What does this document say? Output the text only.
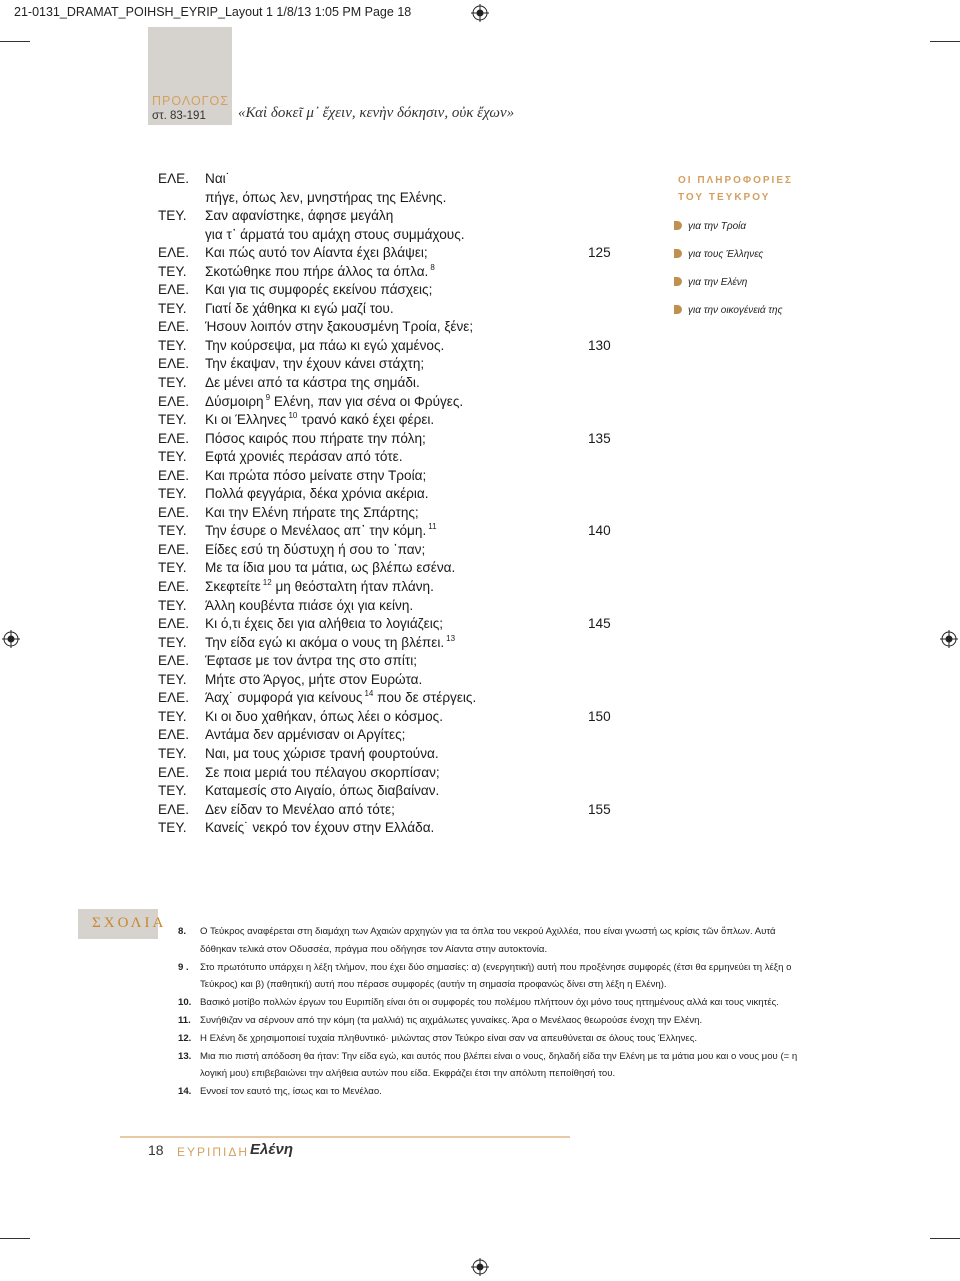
21-0131_DRAMAT_POIHSH_EYRIP_Layout 1 1/8/13 1:05 PM Page 18
ΠΡΟΛΟΓΟΣ
στ. 83-191 «Καὶ δοκεῖ μ᾽ ἔχειν, κενὴν δόκησιν, οὐκ ἔχων»
ΕΛΕ. Ναι˙
πήγε, όπως λεν, μνηστήρας της Ελένης.
ΤΕΥ. Σαν αφανίστηκε, άφησε μεγάλη
για τ᾽ άρματά του αμάχη στους συμμάχους.
ΕΛΕ. Και πώς αυτό τον Αίαντα έχει βλάψει;	125
ΤΕΥ. Σκοτώθηκε που πήρε άλλος τα όπλα. $^8$
ΕΛΕ. Και για τις συμφορές εκείνου πάσχεις;
ΤΕΥ. Γιατί δε χάθηκα κι εγώ μαζί του.
ΕΛΕ. Ήσουν λοιπόν στην ξακουσμένη Τροία, ξένε;
ΤΕΥ. Την κούρσεψα, μα πάω κι εγώ χαμένος.	130
ΕΛΕ. Την έκαψαν, την έχουν κάνει στάχτη;
ΤΕΥ. Δε μένει από τα κάστρα της σημάδι.
ΕΛΕ. Δύσμοιρη $^9$ Ελένη, παν για σένα οι Φρύγες.
ΤΕΥ. Κι οι Έλληνες $^{10}$ τρανό κακό έχει φέρει.
ΕΛΕ. Πόσος καιρός που πήρατε την πόλη;	135
ΤΕΥ. Εφτά χρονιές περάσαν από τότε.
ΕΛΕ. Και πρώτα πόσο μείνατε στην Τροία;
ΤΕΥ. Πολλά φεγγάρια, δέκα χρόνια ακέρια.
ΕΛΕ. Και την Ελένη πήρατε της Σπάρτης;
ΤΕΥ. Την έσυρε ο Μενέλαος απ᾽ την κόμη. $^{11}$	140
ΕΛΕ. Είδες εσύ τη δύστυχη ή σου το ᾽παν;
ΤΕΥ. Με τα ίδια μου τα μάτια, ως βλέπω εσένα.
ΕΛΕ. Σκεφτείτε $^{12}$ μη θεόσταλτη ήταν πλάνη.
ΤΕΥ. Άλλη κουβέντα πιάσε όχι για κείνη.
ΕΛΕ. Κι ό,τι έχεις δει για αλήθεια το λογιάζεις;	145
ΤΕΥ. Την είδα εγώ κι ακόμα ο νους τη βλέπει. $^{13}$
ΕΛΕ. Έφτασε με τον άντρα της στο σπίτι;
ΤΕΥ. Μήτε στο Άργος, μήτε στον Ευρώτα.
ΕΛΕ. Άαχ˙ συμφορά για κείνους $^{14}$ που δε στέργεις.
ΤΕΥ. Κι οι δυο χαθήκαν, όπως λέει ο κόσμος.	150
ΕΛΕ. Αντάμα δεν αρμένισαν οι Αργίτες;
ΤΕΥ. Ναι, μα τους χώρισε τρανή φουρτούνα.
ΕΛΕ. Σε ποια μεριά του πέλαγου σκορπίσαν;
ΤΕΥ. Καταμεσίς στο Αιγαίο, όπως διαβαίναν.
ΕΛΕ. Δεν είδαν το Μενέλαο από τότε;	155
ΤΕΥ. Κανείς˙ νεκρό τον έχουν στην Ελλάδα.
ΟΙ ΠΛΗΡΟΦΟΡΙΕΣ
ΤΟΥ ΤΕΥΚΡΟΥ
για την Τροία
για τους Έλληνες
για την Ελένη
για την οικογένειά της
ΣΧΟΛΙΑ
8. Ο Τεύκρος αναφέρεται στη διαμάχη των Αχαιών αρχηγών για τα όπλα του νεκρού Αχιλλέα, που είναι γνωστή ως κρίσις τῶν ὅπλων. Αυτά δόθηκαν τελικά στον Οδυσσέα, πράγμα που οδήγησε τον Αίαντα στην αυτοκτονία.
9 . Στο πρωτότυπο υπάρχει η λέξη τλήμον, που έχει δύο σημασίες: α) (ενεργητική) αυτή που προξένησε συμφορές (έτσι θα ερμηνεύει τη λέξη ο Τεύκρος) και β) (παθητική) αυτή που πέρασε συμφορές (αυτήν τη σημασία προφανώς δίνει στη λέξη η Ελένη).
10. Βασικό μοτίβο πολλών έργων του Ευριπίδη είναι ότι οι συμφορές του πολέμου πλήττουν όχι μόνο τους ηττημένους αλλά και τους νικητές.
11. Συνήθιζαν να σέρνουν από την κόμη (τα μαλλιά) τις αιχμάλωτες γυναίκες. Άρα ο Μενέλαος θεωρούσε ένοχη την Ελένη.
12. Η Ελένη δε χρησιμοποιεί τυχαία πληθυντικό· μιλώντας στον Τεύκρο είναι σαν να απευθύνεται σε όλους τους Έλληνες.
13. Μια πιο πιστή απόδοση θα ήταν: Την είδα εγώ, και αυτός που βλέπει είναι ο νους, δηλαδή είδα την Ελένη με τα μάτια μου και ο νους μου (= η λογική μου) επιβεβαιώνει την αλήθεια αυτών που είδα. Εκφράζει έτσι την απόλυτη πεποίθησή του.
14. Εννοεί τον εαυτό της, ίσως και το Μενέλαο.
18 ΕΥΡΙΠΙΔΗ Ελένη
